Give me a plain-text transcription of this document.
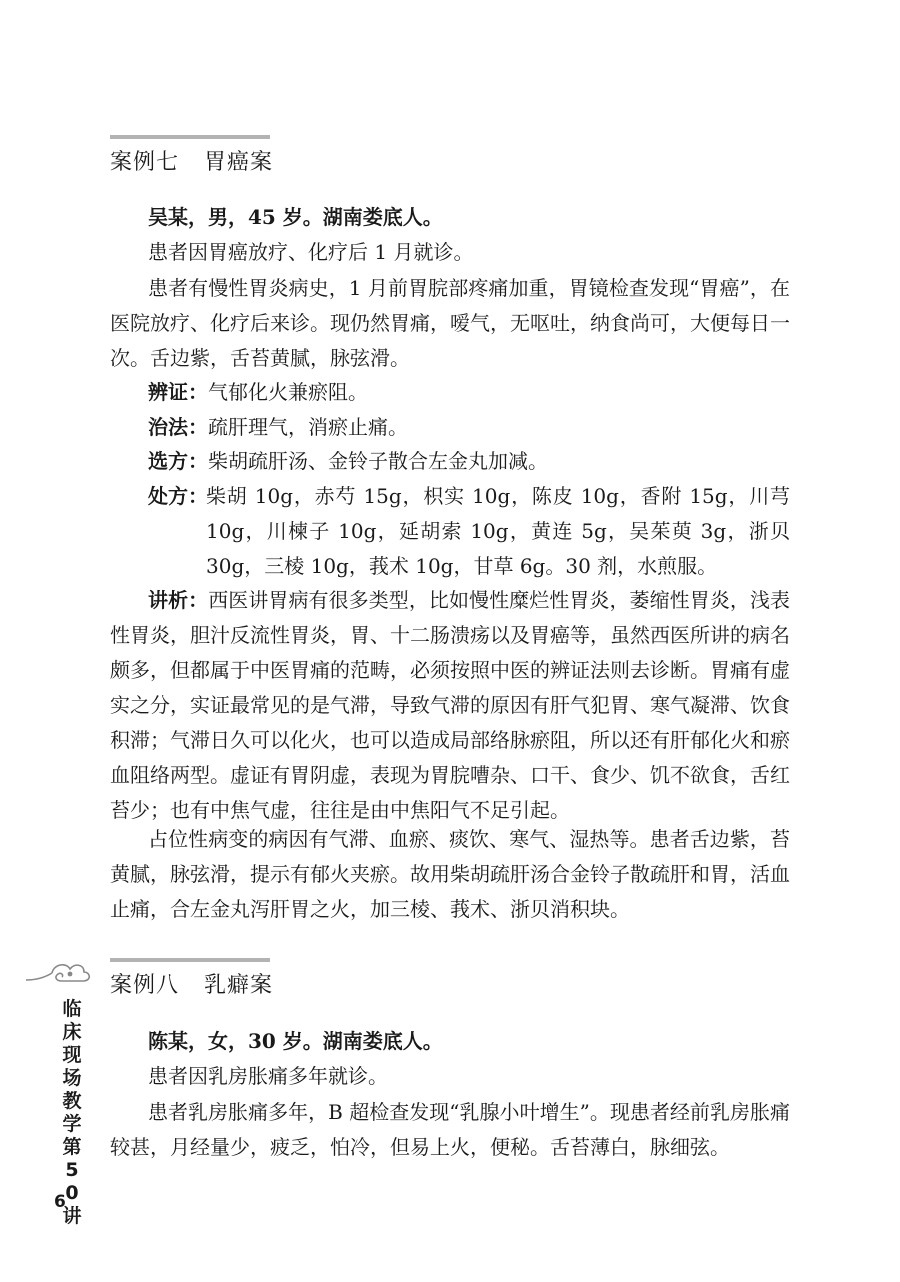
案例七 胃癌案
吴某，男，45 岁。湖南娄底人。
患者因胃癌放疗、化疗后 1 月就诊。
患者有慢性胃炎病史，1 月前胃脘部疼痛加重，胃镜检查发现“胃癌”，在医院放疗、化疗后来诊。现仍然胃痛，嗳气，无呕吐，纳食尚可，大便每日一次。舌边紫，舌苔黄腻，脉弦滑。
辨证：气郁化火兼瘀阻。
治法：疏肝理气，消瘀止痛。
选方：柴胡疏肝汤、金铃子散合左金丸加减。
处方：
柴胡 10g，赤芍 15g，枳实 10g，陈皮 10g，香附 15g，川芎 10g，川楝子 10g，延胡索 10g，黄连 5g，吴茱萸 3g，浙贝 30g，三棱 10g，莪术 10g，甘草 6g。30 剂，水煎服。
讲析：西医讲胃病有很多类型，比如慢性糜烂性胃炎，萎缩性胃炎，浅表性胃炎，胆汁反流性胃炎，胃、十二肠溃疡以及胃癌等，虽然西医所讲的病名颇多，但都属于中医胃痛的范畴，必须按照中医的辨证法则去诊断。胃痛有虚实之分，实证最常见的是气滞，导致气滞的原因有肝气犯胃、寒气凝滞、饮食积滞；气滞日久可以化火，也可以造成局部络脉瘀阻，所以还有肝郁化火和瘀血阻络两型。虚证有胃阴虚，表现为胃脘嘈杂、口干、食少、饥不欲食，舌红苔少；也有中焦气虚，往往是由中焦阳气不足引起。
占位性病变的病因有气滞、血瘀、痰饮、寒气、湿热等。患者舌边紫，苔黄腻，脉弦滑，提示有郁火夹瘀。故用柴胡疏肝汤合金铃子散疏肝和胃，活血止痛，合左金丸泻肝胃之火，加三棱、莪术、浙贝消积块。
案例八 乳癖案
陈某，女，30 岁。湖南娄底人。
患者因乳房胀痛多年就诊。
患者乳房胀痛多年，B 超检查发现“乳腺小叶增生”。现患者经前乳房胀痛较甚，月经量少，疲乏，怕冷，但易上火，便秘。舌苔薄白，脉细弦。
临床现场教学第50讲
6
